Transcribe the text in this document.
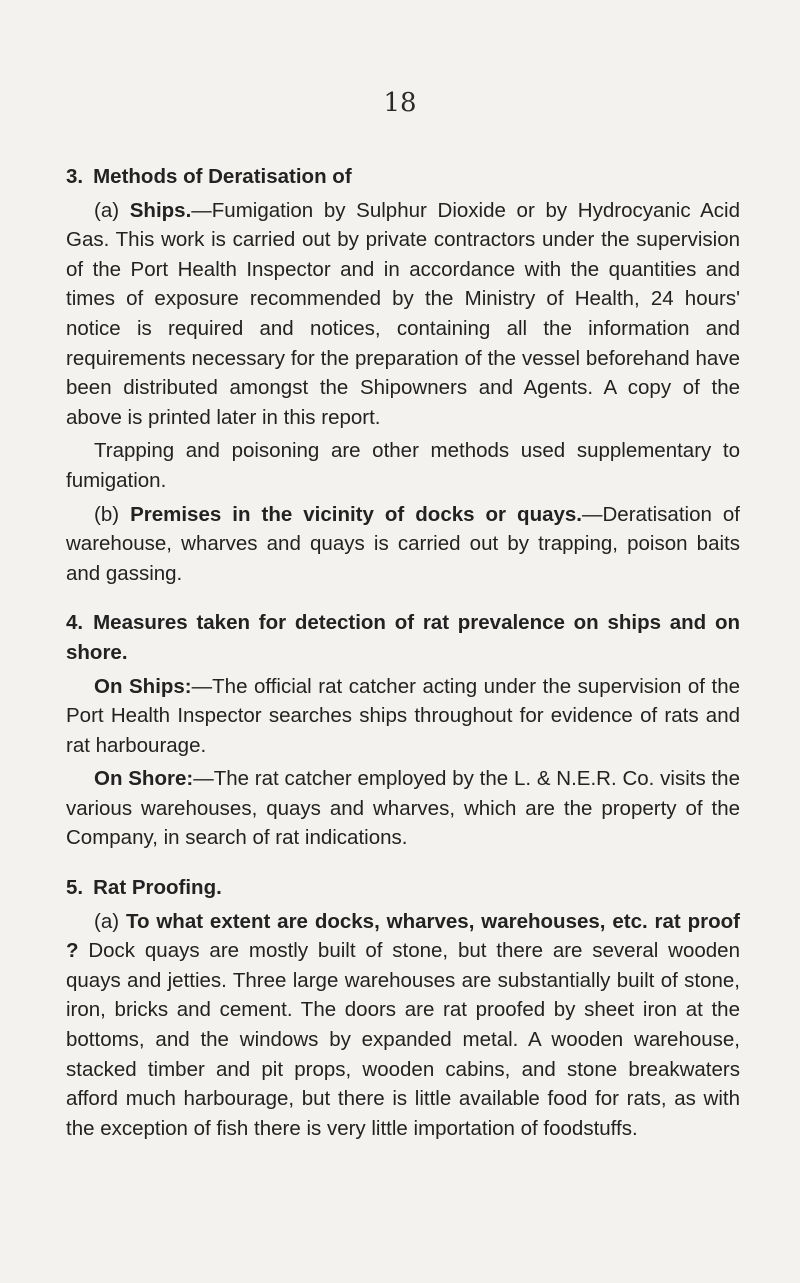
18

3. Methods of Deratisation of

(a) Ships.—Fumigation by Sulphur Dioxide or by Hydrocyanic Acid Gas. This work is carried out by private contractors under the supervision of the Port Health Inspector and in accordance with the quantities and times of exposure recommended by the Ministry of Health, 24 hours' notice is required and notices, containing all the information and requirements necessary for the preparation of the vessel beforehand have been distributed amongst the Shipowners and Agents. A copy of the above is printed later in this report.

Trapping and poisoning are other methods used supplementary to fumigation.

(b) Premises in the vicinity of docks or quays.—Deratisation of warehouse, wharves and quays is carried out by trapping, poison baits and gassing.

4. Measures taken for detection of rat prevalence on ships and on shore.

On Ships:—The official rat catcher acting under the supervision of the Port Health Inspector searches ships throughout for evidence of rats and rat harbourage.

On Shore:—The rat catcher employed by the L. & N.E.R. Co. visits the various warehouses, quays and wharves, which are the property of the Company, in search of rat indications.

5. Rat Proofing.

(a) To what extent are docks, wharves, warehouses, etc. rat proof ? Dock quays are mostly built of stone, but there are several wooden quays and jetties. Three large warehouses are substantially built of stone, iron, bricks and cement. The doors are rat proofed by sheet iron at the bottoms, and the windows by expanded metal. A wooden warehouse, stacked timber and pit props, wooden cabins, and stone breakwaters afford much harbourage, but there is little available food for rats, as with the exception of fish there is very little importation of foodstuffs.
